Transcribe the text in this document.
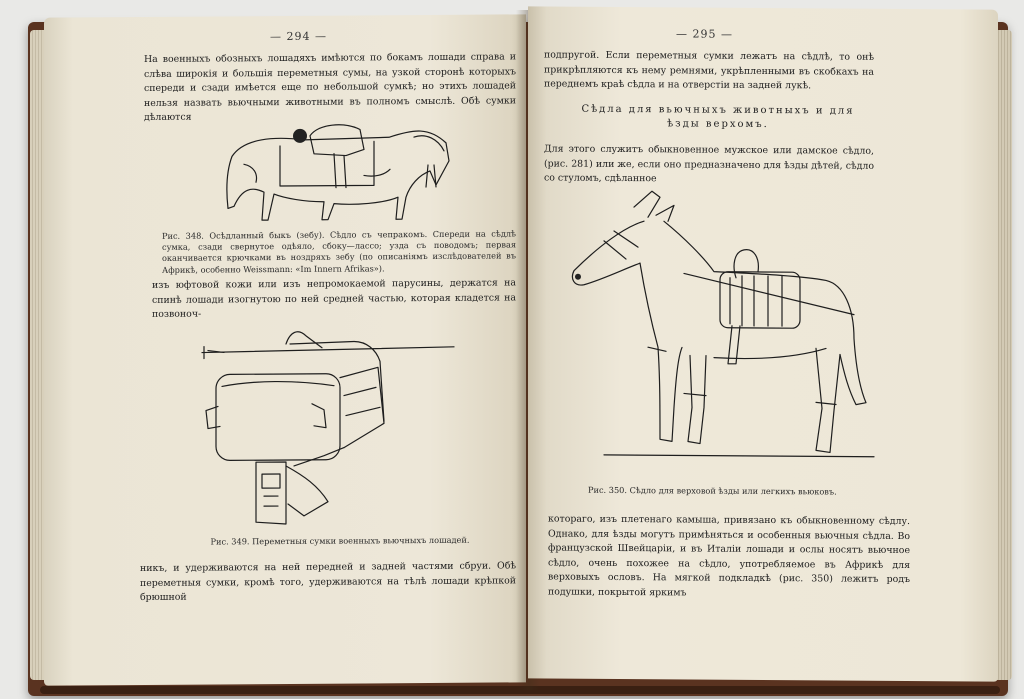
— 294 —

На военныхъ обозныхъ лошадяхъ имѣются по бокамъ лошади справа и слѣва широкія и большія переметныя сумы, на узкой сторонѣ которыхъ спереди и сзади имѣется еще по небольшой сумкѣ; но этихъ лошадей нельзя назвать вьючными животными въ полномъ смыслѣ. Обѣ сумки дѣлаются

Рис. 348. Осѣдланный быкъ (зебу). Сѣдло съ чепракомъ. Спереди на сѣдлѣ сумка, сзади свернутое одѣяло, сбоку—лассо; узда съ поводомъ; первая оканчивается крючками въ ноздряхъ зебу (по описаніямъ изслѣдователей въ Африкѣ, особенно Weissmann: «Im Innern Afrikas»).

изъ юфтовой кожи или изъ непромокаемой парусины, держатся на спинѣ лошади изогнутою по ней средней частью, которая кладется на позвоноч-

Рис. 349. Переметныя сумки военныхъ вьючныхъ лошадей.

никъ, и удерживаются на ней передней и задней частями сбруи. Обѣ переметныя сумки, кромѣ того, удерживаются на тѣлѣ лошади крѣпкой брюшной

— 295 —

подпругой. Если переметныя сумки лежатъ на сѣдлѣ, то онѣ прикрѣпляются къ нему ремнями, укрѣпленными въ скобкахъ на переднемъ краѣ сѣдла и на отверстіи на задней лукѣ.

Сѣдла для вьючныхъ животныхъ и для ѣзды верхомъ.

Для этого служитъ обыкновенное мужское или дамское сѣдло, (рис. 281) или же, если оно предназначено для ѣзды дѣтей, сѣдло со стуломъ, сдѣланное

Рис. 350. Сѣдло для верховой ѣзды или легкихъ вьюковъ.

котораго, изъ плетенаго камыша, привязано къ обыкновенному сѣдлу. Однако, для ѣзды могутъ примѣняться и особенныя вьючныя сѣдла. Во французской Швейцаріи, и въ Италіи лошади и ослы носятъ вьючное сѣдло, очень похожее на сѣдло, употребляемое въ Африкѣ для верховыхъ ословъ. На мягкой подкладкѣ (рис. 350) лежитъ родъ подушки, покрытой яркимъ
